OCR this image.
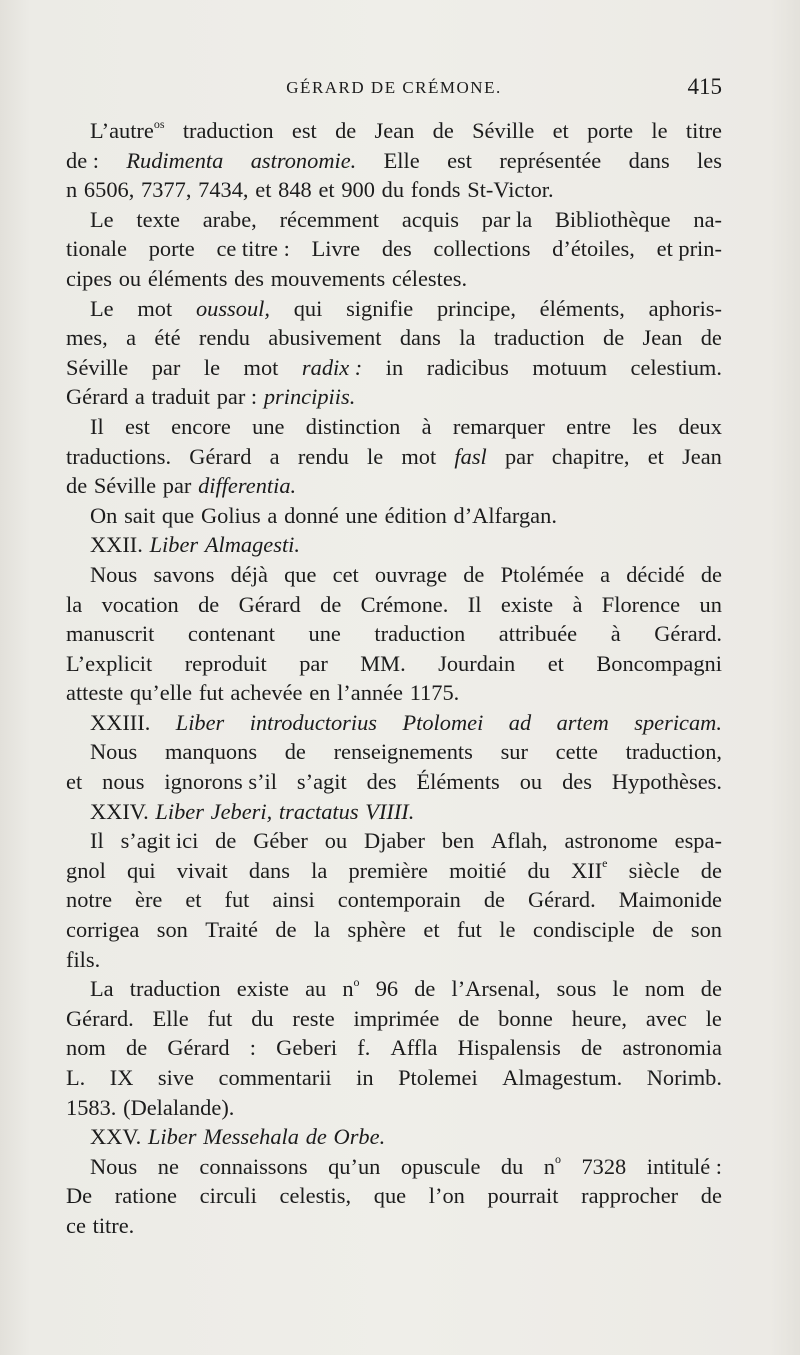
GÉRARD DE CRÉMONE.	415
L’autre$^{os}$ traduction est de Jean de Séville et porte le titre
de : Rudimenta astronomie. Elle est représentée dans les
n 6506, 7377, 7434, et 848 et 900 du fonds St-Victor.
Le texte arabe, récemment acquis par la Bibliothèque na-
tionale porte ce titre : Livre des collections d’étoiles, et prin-
cipes ou éléments des mouvements célestes.
Le mot oussoul, qui signifie principe, éléments, aphoris-
mes, a été rendu abusivement dans la traduction de Jean de
Séville par le mot radix : in radicibus motuum celestium.
Gérard a traduit par : principiis.
Il est encore une distinction à remarquer entre les deux
traductions. Gérard a rendu le mot fasl par chapitre, et Jean
de Séville par differentia.
On sait que Golius a donné une édition d’Alfargan.
XXII. Liber Almagesti.
Nous savons déjà que cet ouvrage de Ptolémée a décidé de
la vocation de Gérard de Crémone. Il existe à Florence un
manuscrit contenant une traduction attribuée à Gérard.
L’explicit reproduit par MM. Jourdain et Boncompagni
atteste qu’elle fut achevée en l’année 1175.
XXIII. Liber introductorius Ptolomei ad artem spericam.
Nous manquons de renseignements sur cette traduction,
et nous ignorons s’il s’agit des Éléments ou des Hypothèses.
XXIV. Liber Jeberi, tractatus VIIII.
Il s’agit ici de Géber ou Djaber ben Aflah, astronome espa-
gnol qui vivait dans la première moitié du XIIe siècle de
notre ère et fut ainsi contemporain de Gérard. Maimonide
corrigea son Traité de la sphère et fut le condisciple de son
fils.
La traduction existe au $n^o$ 96 de l’Arsenal, sous le nom de
Gérard. Elle fut du reste imprimée de bonne heure, avec le
nom de Gérard : Geberi f. Affla Hispalensis de astronomia
L. IX sive commentarii in Ptolemei Almagestum. Norimb.
1583. (Delalande).
XXV. Liber Messehala de Orbe.
Nous ne connaissons qu’un opuscule du $n^o$ 7328 intitulé :
De ratione circuli celestis, que l’on pourrait rapprocher de
ce titre.
